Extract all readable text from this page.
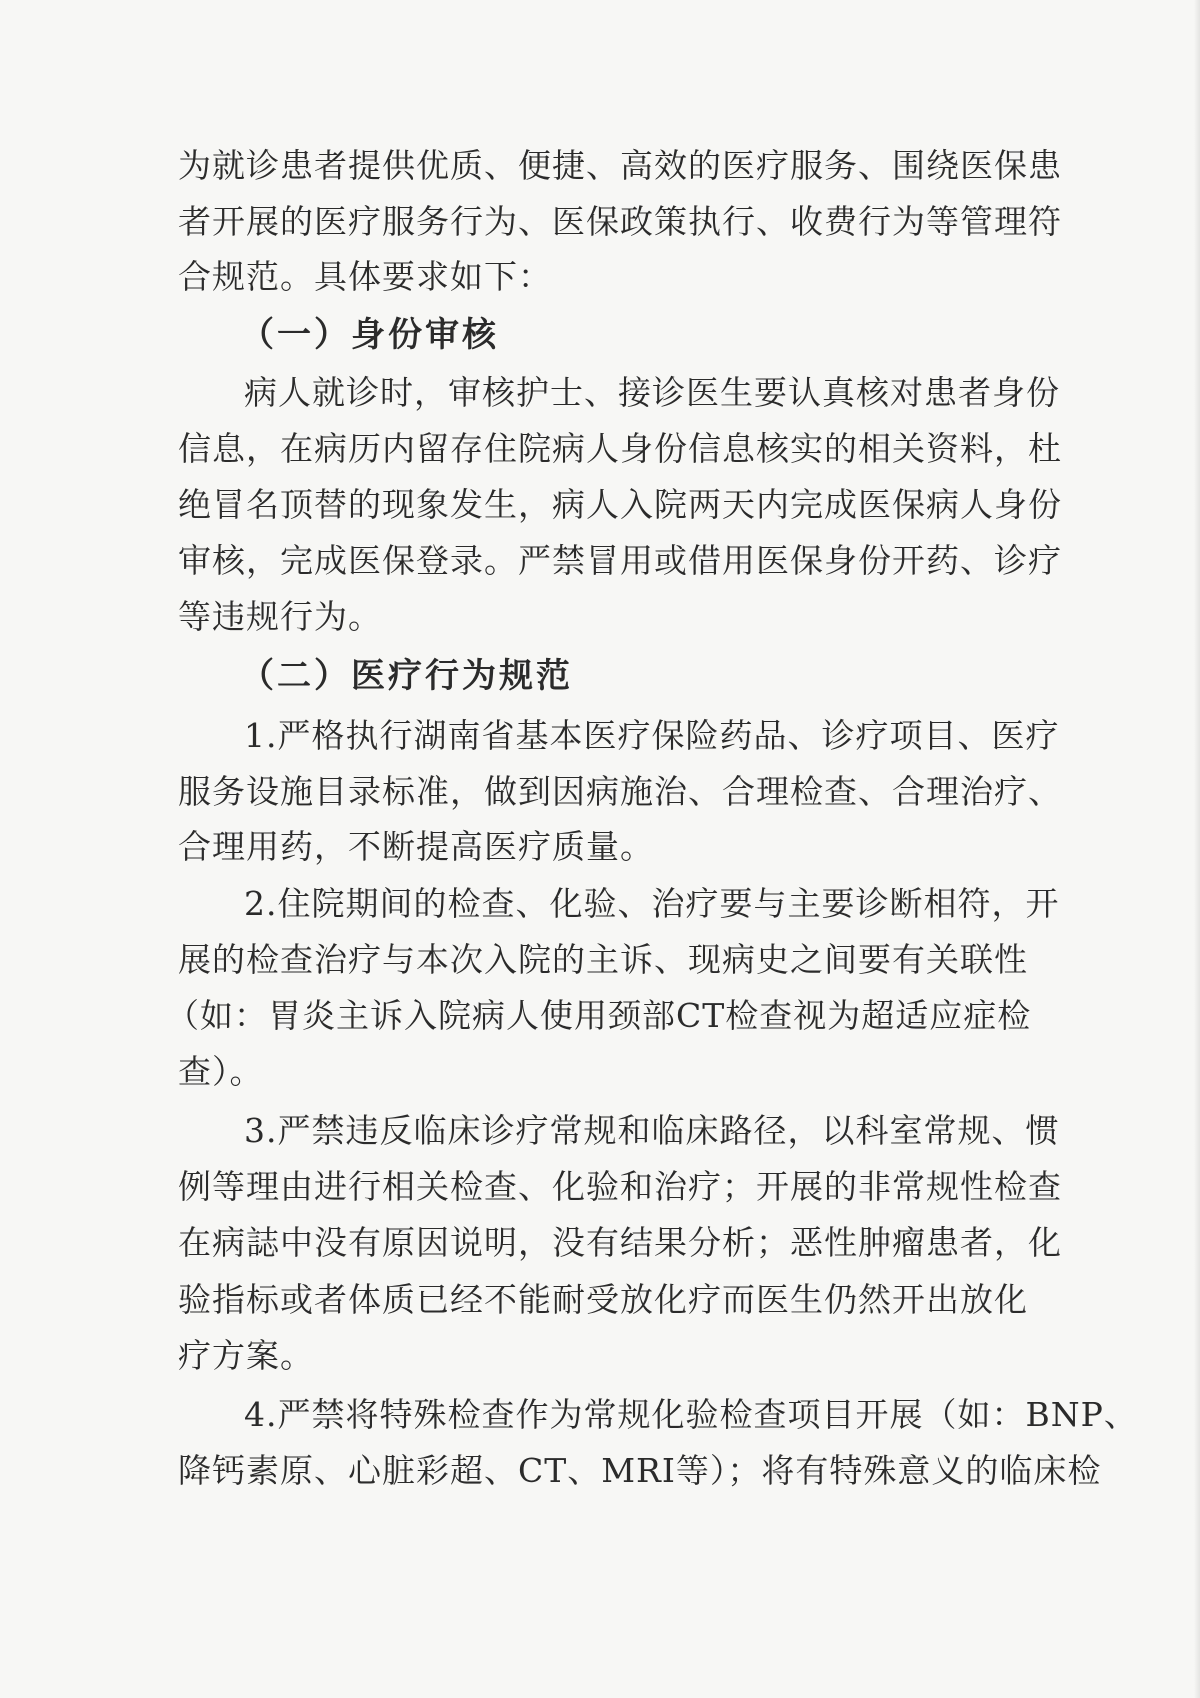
为就诊患者提供优质、便捷、高效的医疗服务、围绕医保患

者开展的医疗服务行为、医保政策执行、收费行为等管理符

合规范。具体要求如下：

（一）身份审核

病人就诊时，审核护士、接诊医生要认真核对患者身份

信息，在病历内留存住院病人身份信息核实的相关资料，杜

绝冒名顶替的现象发生，病人入院两天内完成医保病人身份

审核，完成医保登录。严禁冒用或借用医保身份开药、诊疗

等违规行为。

（二）医疗行为规范

1.严格执行湖南省基本医疗保险药品、诊疗项目、医疗

服务设施目录标准，做到因病施治、合理检查、合理治疗、

合理用药，不断提高医疗质量。

2.住院期间的检查、化验、治疗要与主要诊断相符，开

展的检查治疗与本次入院的主诉、现病史之间要有关联性

（如：胃炎主诉入院病人使用颈部CT检查视为超适应症检

查）。

3.严禁违反临床诊疗常规和临床路径，以科室常规、惯

例等理由进行相关检查、化验和治疗；开展的非常规性检查

在病誌中没有原因说明，没有结果分析；恶性肿瘤患者，化

验指标或者体质已经不能耐受放化疗而医生仍然开出放化

疗方案。

4.严禁将特殊检查作为常规化验检查项目开展（如：BNP、

降钙素原、心脏彩超、CT、MRI等）；将有特殊意义的临床检
